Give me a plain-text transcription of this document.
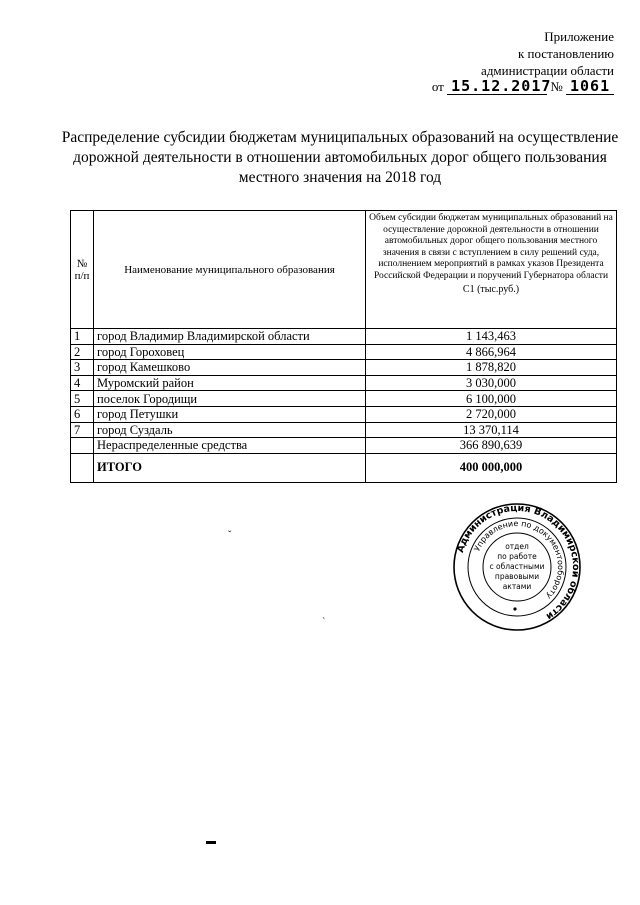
Приложение
к постановлению
администрации области
от 15.12.2017 № 1061
Распределение субсидии бюджетам муниципальных образований на осуществление
дорожной деятельности в отношении автомобильных дорог общего пользования
местного значения на 2018 год
№ п/п	Наименование муниципального образования	Объем субсидии бюджетам муниципальных образований на осуществление дорожной деятельности в отношении автомобильных дорог общего пользования местного значения в связи с вступлением в силу решений суда, исполнением мероприятий в рамках указов Президента Российской Федерации и поручений Губернатора области
С1 (тыс.руб.)

1	город Владимир Владимирской области	1 143,463
2	город Гороховец	4 866,964
3	город Камешково	1 878,820
4	Муромский район	3 030,000
5	поселок Городищи	6 100,000
6	город Петушки	2 720,000
7	город Суздаль	13 370,114
	Нераспределенные средства	366 890,639
	ИТОГО	400 000,000
Администрация Владимирской области
Управление по документообороту
отдел
по работе
с областными
правовыми
актами
ˇ
ˋ
▬
